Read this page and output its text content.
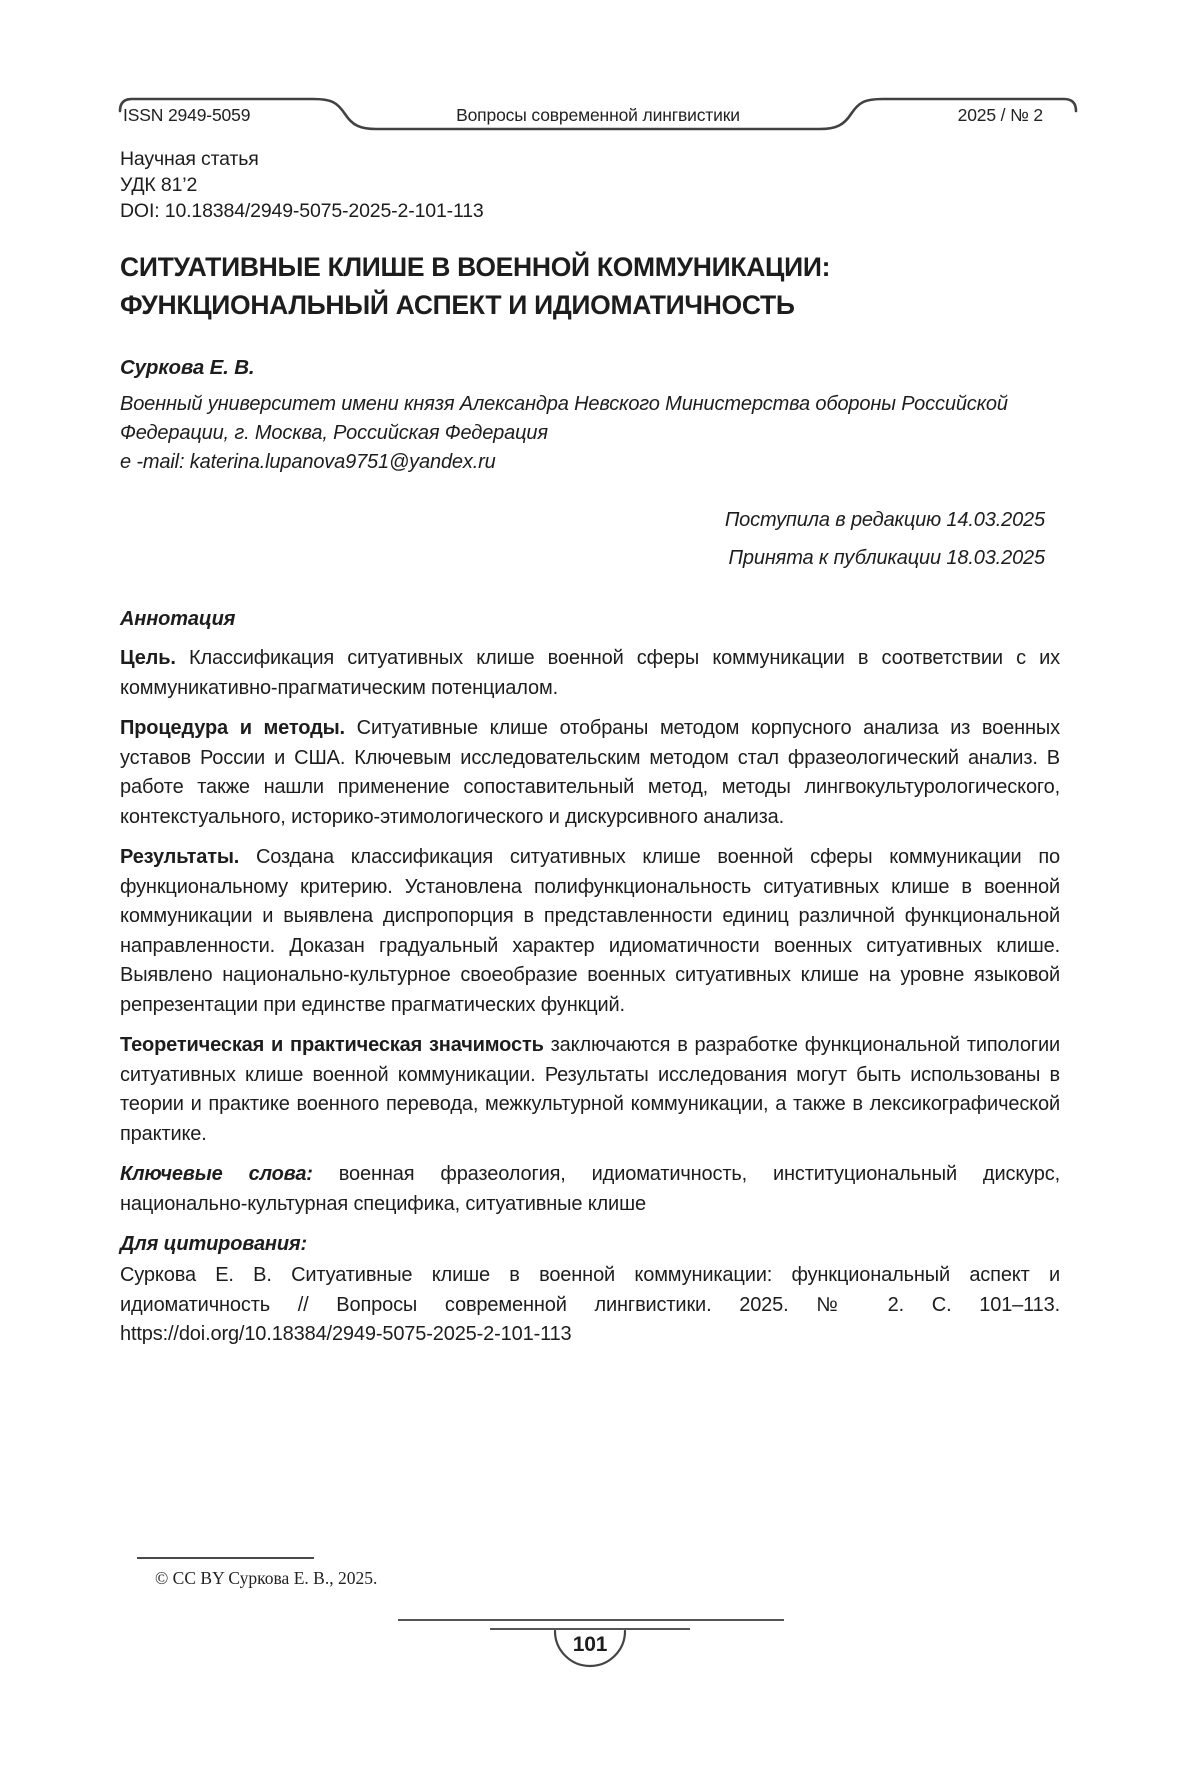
ISSN 2949-5059	Вопросы современной лингвистики	2025 / № 2

Научная статья

УДК 81’2

DOI: 10.18384/2949-5075-2025-2-101-113

СИТУАТИВНЫЕ КЛИШЕ В ВОЕННОЙ КОММУНИКАЦИИ:
ФУНКЦИОНАЛЬНЫЙ АСПЕКТ И ИДИОМАТИЧНОСТЬ

Суркова Е. В.

Военный университет имени князя Александра Невского Министерства обороны Российской Федерации, г. Москва, Российская Федерация

e -mail: katerina.lupanova9751@yandex.ru

Поступила в редакцию 14.03.2025
Принята к публикации 18.03.2025

Аннотация

Цель. Классификация ситуативных клише военной сферы коммуникации в соответствии с их коммуникативно-прагматическим потенциалом.

Процедура и методы. Ситуативные клише отобраны методом корпусного анализа из военных уставов России и США. Ключевым исследовательским методом стал фразеологический анализ. В работе также нашли применение сопоставительный метод, методы лингвокультурологического, контекстуального, историко-этимологического и дискурсивного анализа.

Результаты. Создана классификация ситуативных клише военной сферы коммуникации по функциональному критерию. Установлена полифункциональность ситуативных клише в военной коммуникации и выявлена диспропорция в представленности единиц различной функциональной направленности. Доказан градуальный характер идиоматичности военных ситуативных клише. Выявлено национально-культурное своеобразие военных ситуативных клише на уровне языковой репрезентации при единстве прагматических функций.

Теоретическая и практическая значимость заключаются в разработке функциональной типологии ситуативных клише военной коммуникации. Результаты исследования могут быть использованы в теории и практике военного перевода, межкультурной коммуникации, а также в лексикографической практике.

Ключевые слова: военная фразеология, идиоматичность, институциональный дискурс, национально-культурная специфика, ситуативные клише

Для цитирования:

Суркова Е. В. Ситуативные клише в военной коммуникации: функциональный аспект и идиоматичность // Вопросы современной лингвистики. 2025. № 2. С. 101–113. https://doi.org/10.18384/2949-5075-2025-2-101-113

© CC BY Суркова Е. В., 2025.
101
